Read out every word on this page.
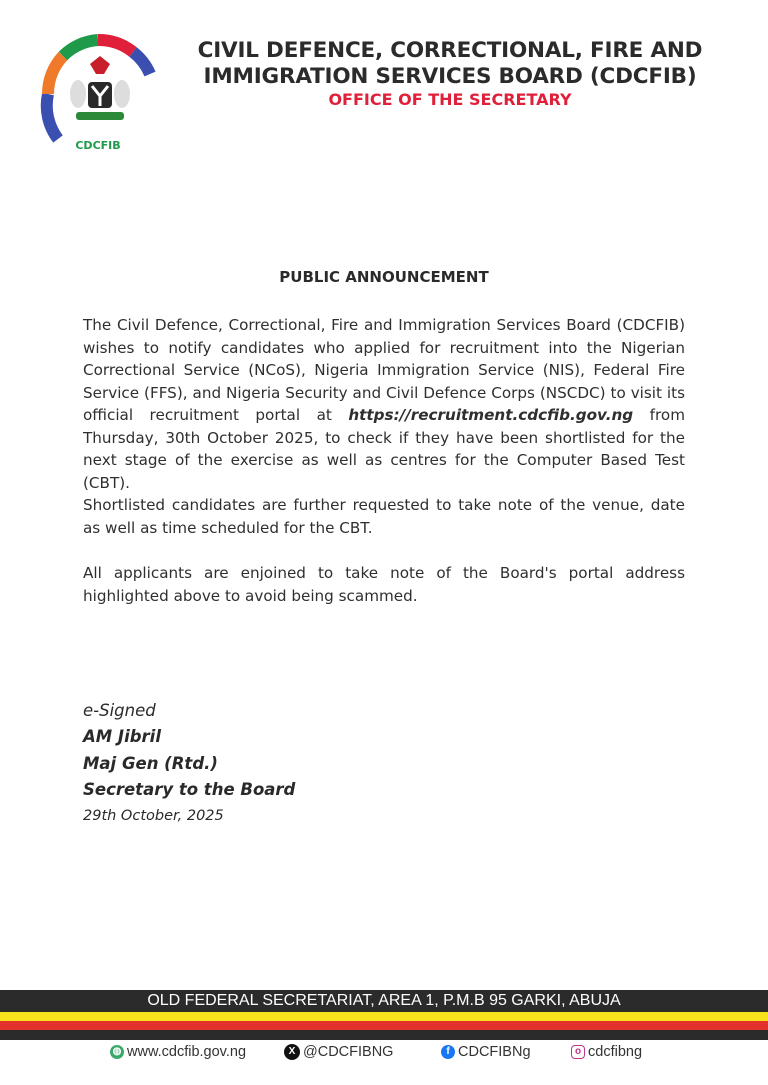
CDCFIB
CIVIL DEFENCE, CORRECTIONAL, FIRE AND IMMIGRATION SERVICES BOARD (CDCFIB)
OFFICE OF THE SECRETARY
PUBLIC ANNOUNCEMENT
The Civil Defence, Correctional, Fire and Immigration Services Board (CDCFIB) wishes to notify candidates who applied for recruitment into the Nigerian Correctional Service (NCoS), Nigeria Immigration Service (NIS), Federal Fire Service (FFS), and Nigeria Security and Civil Defence Corps (NSCDC) to visit its official recruitment portal at https://recruitment.cdcfib.gov.ng from Thursday, 30th October 2025, to check if they have been shortlisted for the next stage of the exercise as well as centres for the Computer Based Test (CBT).
Shortlisted candidates are further requested to take note of the venue, date as well as time scheduled for the CBT.
All applicants are enjoined to take note of the Board's portal address highlighted above to avoid being scammed.
e-Signed
AM Jibril
Maj Gen (Rtd.)
Secretary to the Board
29th October, 2025
OLD FEDERAL SECRETARIAT, AREA 1, P.M.B 95 GARKI, ABUJA
◍ www.cdcfib.gov.ng	X @CDCFIBNG	f CDCFIBNg	o cdcfibng
